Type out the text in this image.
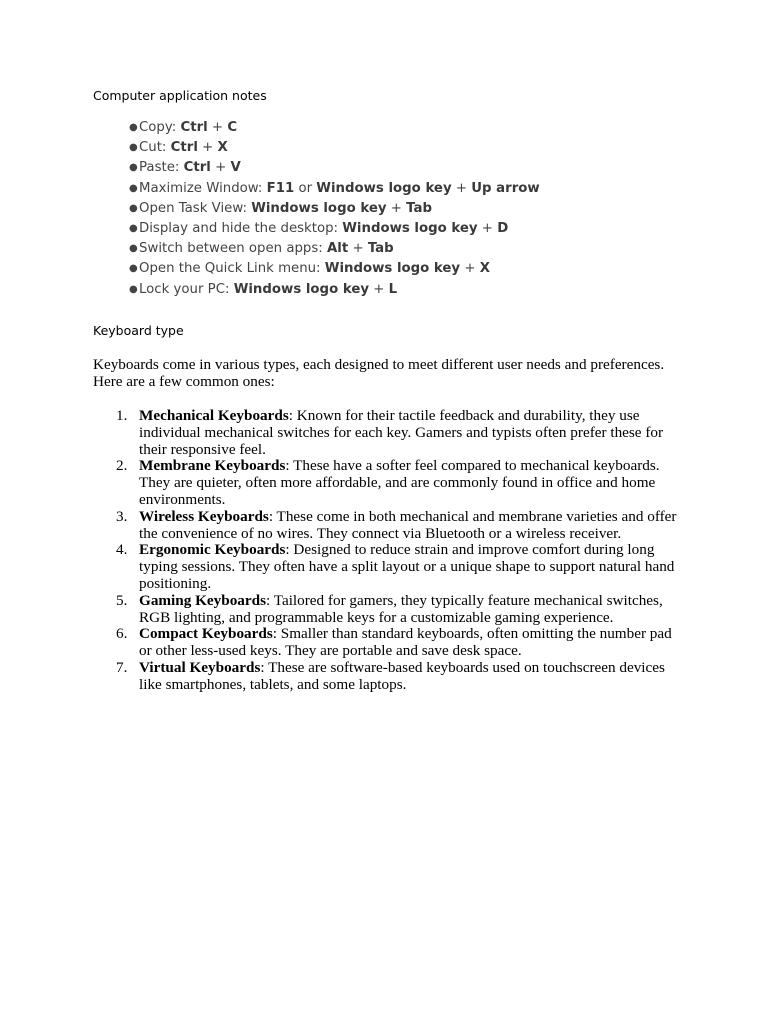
Computer application notes
●Copy: Ctrl + C
●Cut: Ctrl + X
●Paste: Ctrl + V
●Maximize Window: F11 or Windows logo key + Up arrow
●Open Task View: Windows logo key + Tab
●Display and hide the desktop: Windows logo key + D
●Switch between open apps: Alt + Tab
●Open the Quick Link menu: Windows logo key + X
●Lock your PC: Windows logo key + L
Keyboard type

Keyboards come in various types, each designed to meet different user needs and preferences. Here are a few common ones:

1. Mechanical Keyboards: Known for their tactile feedback and durability, they use individual mechanical switches for each key. Gamers and typists often prefer these for their responsive feel.
2. Membrane Keyboards: These have a softer feel compared to mechanical keyboards. They are quieter, often more affordable, and are commonly found in office and home environments.
3. Wireless Keyboards: These come in both mechanical and membrane varieties and offer the convenience of no wires. They connect via Bluetooth or a wireless receiver.
4. Ergonomic Keyboards: Designed to reduce strain and improve comfort during long typing sessions. They often have a split layout or a unique shape to support natural hand positioning.
5. Gaming Keyboards: Tailored for gamers, they typically feature mechanical switches, RGB lighting, and programmable keys for a customizable gaming experience.
6. Compact Keyboards: Smaller than standard keyboards, often omitting the number pad or other less-used keys. They are portable and save desk space.
7. Virtual Keyboards: These are software-based keyboards used on touchscreen devices like smartphones, tablets, and some laptops.
